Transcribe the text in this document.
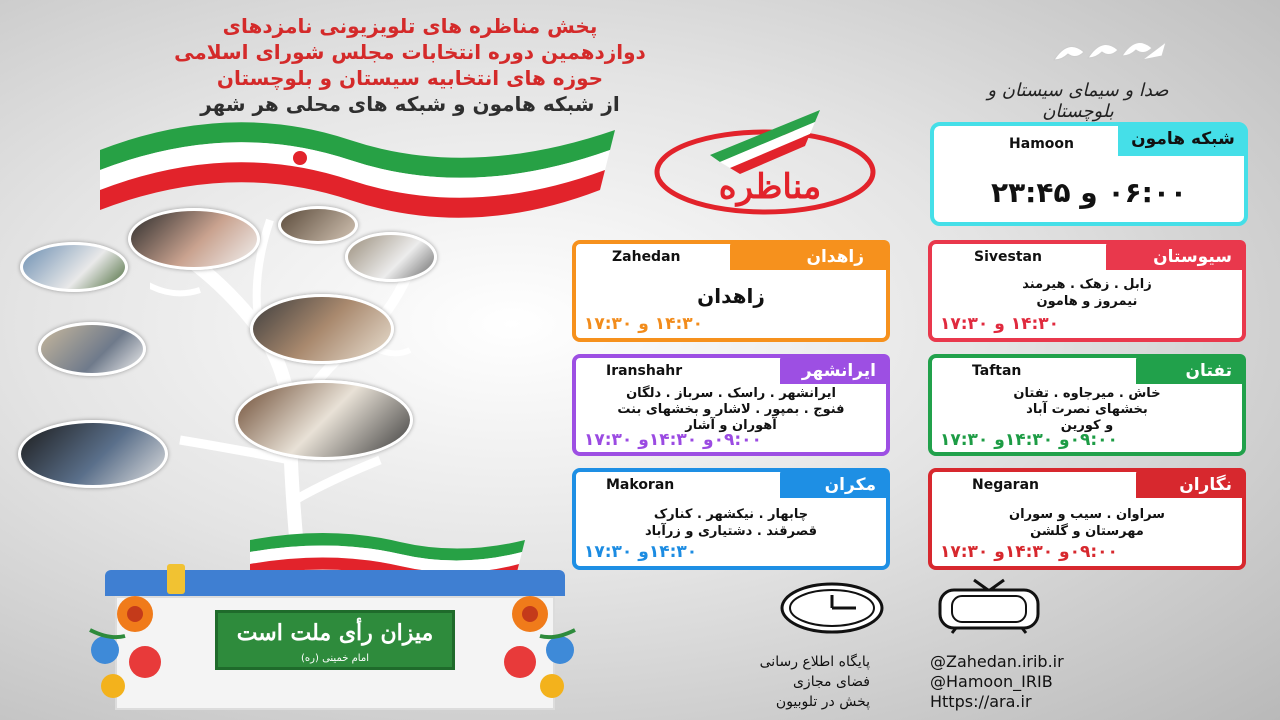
پخش مناظره های تلویزیونی نامزدهای
دوازدهمین دوره انتخابات مجلس شورای اسلامی
حوزه های انتخابیه سیستان و بلوچستان
از شبکه هامون و شبکه های محلی هر شهر
صدا و سیمای سیستان و بلوچستان
مناظره
شبکه هامون
Hamoon
۰۶:۰۰ و ۲۳:۴۵
زاهدان
Zahedan
زاهدان
۱۴:۳۰ و ۱۷:۳۰
سیوستان
Sivestan
زابل . زهک . هیرمند
نیمروز و هامون
۱۴:۳۰ و ۱۷:۳۰
ایرانشهر
Iranshahr
ایرانشهر . راسک . سرباز . دلگان
فنوج . بمپور . لاشار و بخشهای بنت
آهوران و آشار
۰۹:۰۰و ۱۴:۳۰و ۱۷:۳۰
تفتان
Taftan
خاش . میرجاوه . تفتان
بخشهای نصرت آباد
و کورین
۰۹:۰۰و ۱۴:۳۰و ۱۷:۳۰
مکران
Makoran
چابهار . نیکشهر . کنارک
قصرقند . دشتیاری و زرآباد
۱۴:۳۰و ۱۷:۳۰
نگاران
Negaran
سراوان . سیب و سوران
مهرستان و گلشن
۰۹:۰۰و ۱۴:۳۰و ۱۷:۳۰
میزان رأی ملت است
امام خمینی (ره)	@Zahedan.irib.ir
@Hamoon_IRIB
Https://ara.ir
پایگاه اطلاع رسانی
فضای مجازی
پخش در تلوبیون
